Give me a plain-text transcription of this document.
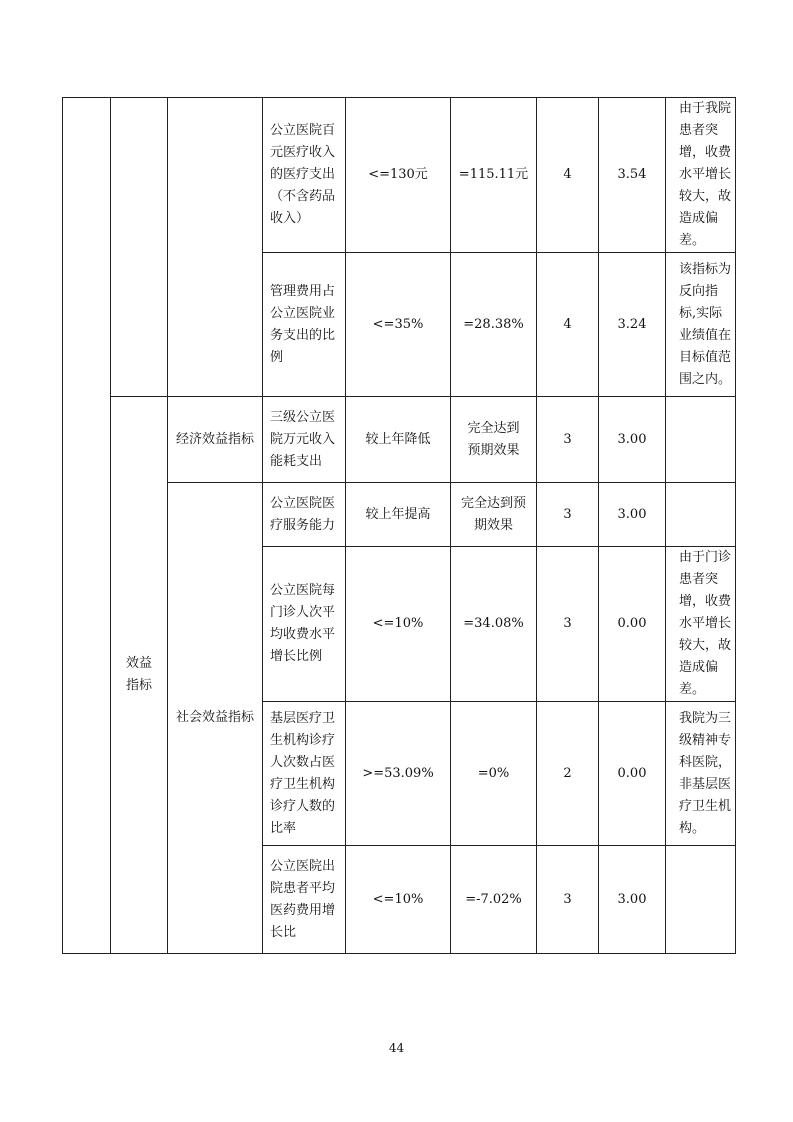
			公立医院百元医疗收入的医疗支出（不含药品收入）	<=130元	=115.11元	4	3.54	由于我院患者突增，收费水平增长较大，故造成偏差。
			管理费用占公立医院业务支出的比例	<=35%	=28.38%	4	3.24	该指标为反向指标,实际业绩值在目标值范围之内。
	效益指标	经济效益指标	三级公立医院万元收入能耗支出	较上年降低	完全达到预期效果	3	3.00	
		社会效益指标	公立医院医疗服务能力	较上年提高	完全达到预期效果	3	3.00	
			公立医院每门诊人次平均收费水平增长比例	<=10%	=34.08%	3	0.00	由于门诊患者突增，收费水平增长较大，故造成偏差。
			基层医疗卫生机构诊疗人次数占医疗卫生机构诊疗人数的比率	>=53.09%	=0%	2	0.00	我院为三级精神专科医院，非基层医疗卫生机构。
			公立医院出院患者平均医药费用增长比	<=10%	=-7.02%	3	3.00	
44
